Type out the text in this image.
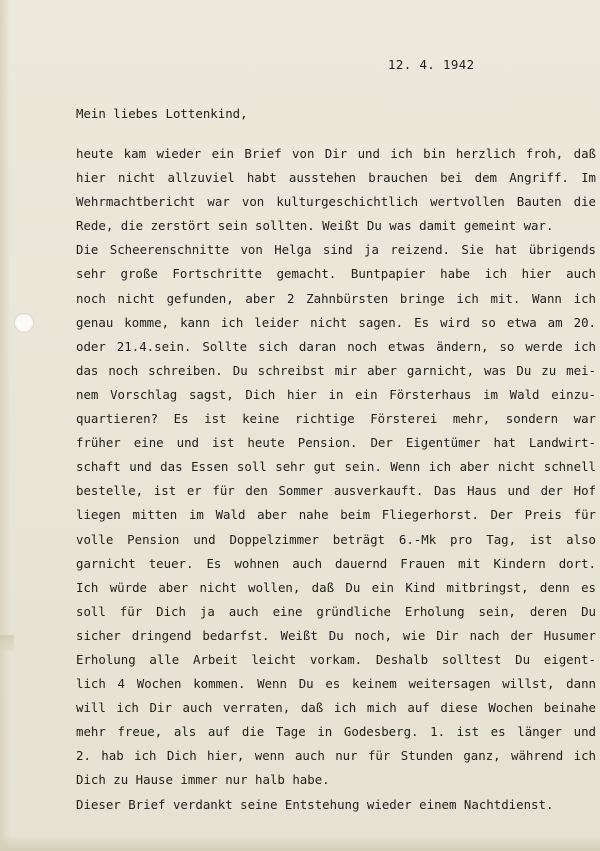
12. 4. 1942
Mein liebes Lottenkind,
heute kam wieder ein Brief von Dir und ich bin herzlich froh, daß
hier nicht allzuviel habt ausstehen brauchen bei dem Angriff. Im
Wehrmachtbericht war von kulturgeschichtlich wertvollen Bauten die
Rede, die zerstört sein sollten. Weißt Du was damit gemeint war.
Die Scheerenschnitte von Helga sind ja reizend. Sie hat übrigends
sehr große Fortschritte gemacht. Buntpapier habe ich hier auch
noch nicht gefunden, aber 2 Zahnbürsten bringe ich mit. Wann ich
genau komme, kann ich leider nicht sagen. Es wird so etwa am 20.
oder 21.4.sein. Sollte sich daran noch etwas ändern, so werde ich
das noch schreiben. Du schreibst mir aber garnicht, was Du zu mei-
nem Vorschlag sagst, Dich hier in ein Försterhaus im Wald einzu-
quartieren? Es ist keine richtige Försterei mehr, sondern war
früher eine und ist heute Pension. Der Eigentümer hat Landwirt-
schaft und das Essen soll sehr gut sein. Wenn ich aber nicht schnell
bestelle, ist er für den Sommer ausverkauft. Das Haus und der Hof
liegen mitten im Wald aber nahe beim Fliegerhorst. Der Preis für
volle Pension und Doppelzimmer beträgt 6.-Mk pro Tag, ist also
garnicht teuer. Es wohnen auch dauernd Frauen mit Kindern dort.
Ich würde aber nicht wollen, daß Du ein Kind mitbringst, denn es
soll für Dich ja auch eine gründliche Erholung sein, deren Du
sicher dringend bedarfst. Weißt Du noch, wie Dir nach der Husumer
Erholung alle Arbeit leicht vorkam. Deshalb solltest Du eigent-
lich 4 Wochen kommen. Wenn Du es keinem weitersagen willst, dann
will ich Dir auch verraten, daß ich mich auf diese Wochen beinahe
mehr freue, als auf die Tage in Godesberg. 1. ist es länger und
2. hab ich Dich hier, wenn auch nur für Stunden ganz, während ich
Dich zu Hause immer nur halb habe.
Dieser Brief verdankt seine Entstehung wieder einem Nachtdienst.
